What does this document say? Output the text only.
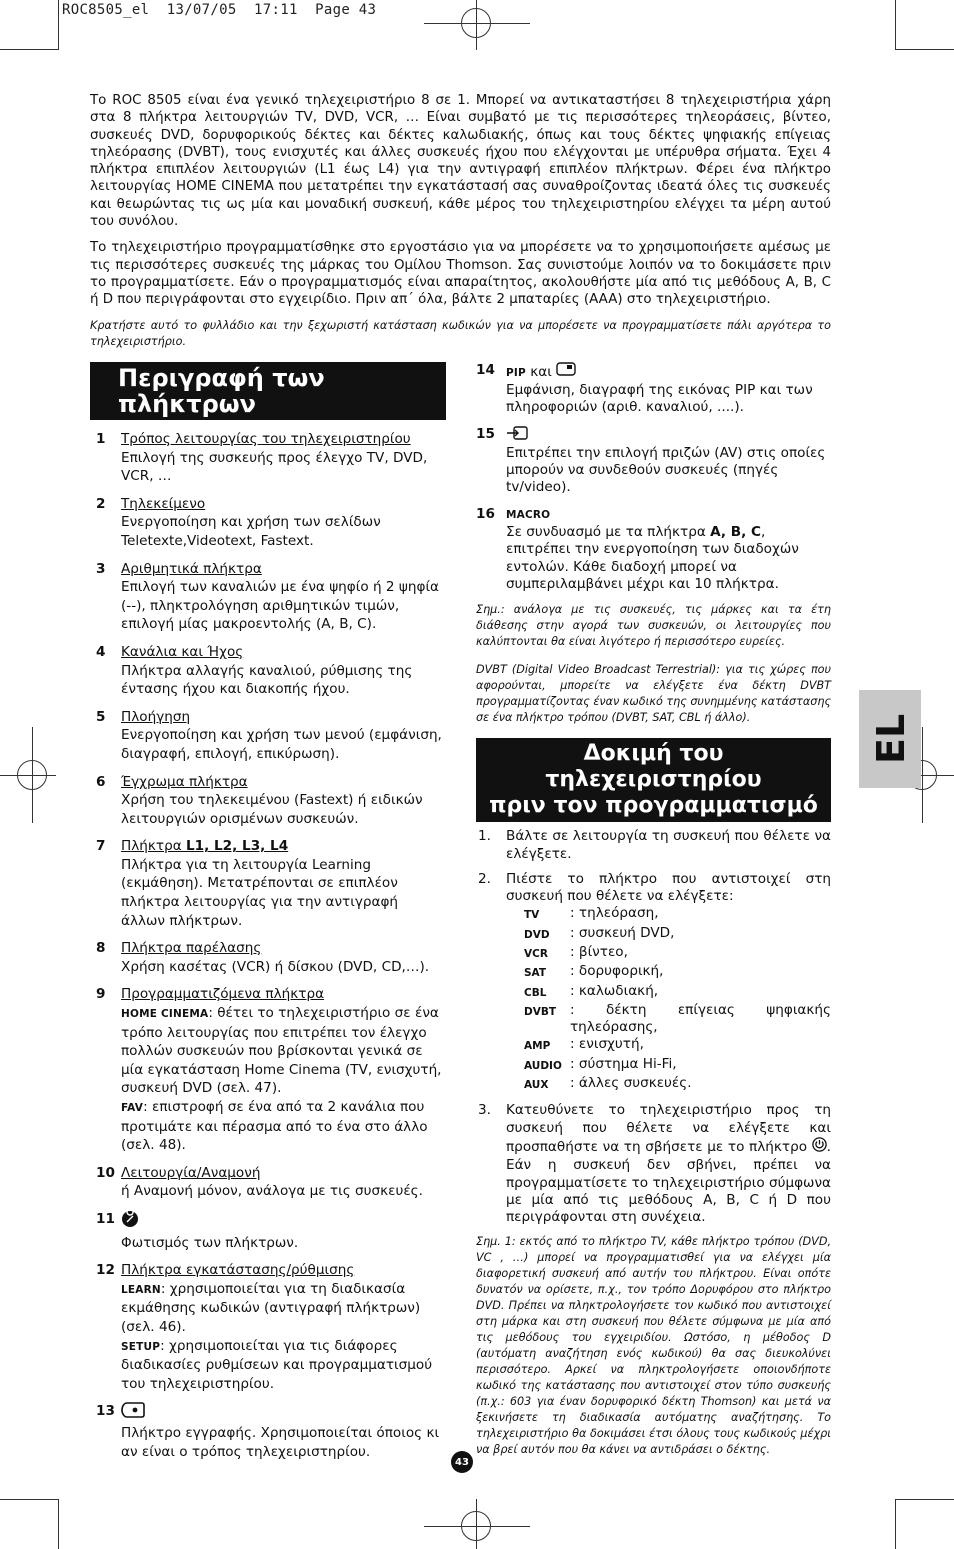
ROC8505_el  13/07/05  17:11  Page 43
EL

Το ROC 8505 είναι ένα γενικό τηλεχειριστήριο 8 σε 1. Μπορεί να αντικαταστήσει 8 τηλεχειριστήρια χάρη στα 8 πλήκτρα λειτουργιών TV, DVD, VCR, … Είναι συμβατό με τις περισσότερες τηλεοράσεις, βίντεο, συσκευές DVD, δορυφορικούς δέκτες και δέκτες καλωδιακής, όπως και τους δέκτες ψηφιακής επίγειας τηλεόρασης (DVBT), τους ενισχυτές και άλλες συσκευές ήχου που ελέγχονται με υπέρυθρα σήματα. Έχει 4 πλήκτρα επιπλέον λειτουργιών (L1 έως L4) για την αντιγραφή επιπλέον πλήκτρων. Φέρει ένα πλήκτρο λειτουργίας HOME CINEMA που μετατρέπει την εγκατάστασή σας συναθροίζοντας ιδεατά όλες τις συσκευές και θεωρώντας τις ως μία και μοναδική συσκευή, κάθε μέρος του τηλεχειριστηρίου ελέγχει τα μέρη αυτού του συνόλου.

Το τηλεχειριστήριο προγραμματίσθηκε στο εργοστάσιο για να μπορέσετε να το χρησιμοποιήσετε αμέσως με τις περισσότερες συσκευές της μάρκας του Ομίλου Thomson. Σας συνιστούμε λοιπόν να το δοκιμάσετε πριν το προγραμματίσετε. Εάν ο προγραμματισμός είναι απαραίτητος, ακολουθήστε μία από τις μεθόδους A, B, C ή D που περιγράφονται στο εγχειρίδιο. Πριν απ΄ όλα, βάλτε 2 μπαταρίες (AAA) στο τηλεχειριστήριο.

Κρατήστε αυτό το φυλλάδιο και την ξεχωριστή κατάσταση κωδικών για να μπορέσετε να προγραμματίσετε πάλι αργότερα το τηλεχειριστήριο.

Περιγραφή των πλήκτρων
1 Τρόπος λειτουργίας του τηλεχειριστηρίου
Επιλογή της συσκευής προς έλεγχο TV, DVD, VCR, …
2 Τηλεκείμενο
Ενεργοποίηση και χρήση των σελίδων Teletexte,Videotext, Fastext.
3 Αριθμητικά πλήκτρα
Επιλογή των καναλιών με ένα ψηφίο ή 2 ψηφία (--), πληκτρολόγηση αριθμητικών τιμών, επιλογή μίας μακροεντολής (A, B, C).
4 Κανάλια και Ήχος
Πλήκτρα αλλαγής καναλιού, ρύθμισης της έντασης ήχου και διακοπής ήχου.
5 Πλοήγηση
Ενεργοποίηση και χρήση των μενού (εμφάνιση, διαγραφή, επιλογή, επικύρωση).
6 Έγχρωμα πλήκτρα
Χρήση του τηλεκειμένου (Fastext) ή ειδικών λειτουργιών ορισμένων συσκευών.
7 Πλήκτρα L1, L2, L3, L4
Πλήκτρα για τη λειτουργία Learning (εκμάθηση). Μετατρέπονται σε επιπλέον πλήκτρα λειτουργίας για την αντιγραφή άλλων πλήκτρων.
8 Πλήκτρα παρέλασης
Χρήση κασέτας (VCR) ή δίσκου (DVD, CD,…).
9 Προγραμματιζόμενα πλήκτρα
HOME CINEMA: θέτει το τηλεχειριστήριο σε ένα τρόπο λειτουργίας που επιτρέπει τον έλεγχο πολλών συσκευών που βρίσκονται γενικά σε μία εγκατάσταση Home Cinema (TV, ενισχυτή, συσκευή DVD (σελ. 47).
FAV: επιστροφή σε ένα από τα 2 κανάλια που προτιμάτε και πέρασμα από το ένα στο άλλο (σελ. 48).
10 Λειτουργία/Αναμονή
ή Αναμονή μόνον, ανάλογα με τις συσκευές.
11
Φωτισμός των πλήκτρων.
12 Πλήκτρα εγκατάστασης/ρύθμισης
LEARN: χρησιμοποιείται για τη διαδικασία εκμάθησης κωδικών (αντιγραφή πλήκτρων) (σελ. 46).
SETUP: χρησιμοποιείται για τις διάφορες διαδικασίες ρυθμίσεων και προγραμματισμού του τηλεχειριστηρίου.
13
Πλήκτρο εγγραφής. Χρησιμοποιείται όποιος κι αν είναι ο τρόπος τηλεχειριστηρίου.
14 PIP και
Εμφάνιση, διαγραφή της εικόνας PIP και των πληροφοριών (αριθ. καναλιού, ....).
15
Επιτρέπει την επιλογή πριζών (AV) στις οποίες μπορούν να συνδεθούν συσκευές (πηγές tv/video).
16 MACRO
Σε συνδυασμό με τα πλήκτρα A, B, C, επιτρέπει την ενεργοποίηση των διαδοχών εντολών. Κάθε διαδοχή μπορεί να συμπεριλαμβάνει μέχρι και 10 πλήκτρα.

Σημ.: ανάλογα με τις συσκευές, τις μάρκες και τα έτη διάθεσης στην αγορά των συσκευών, οι λειτουργίες που καλύπτονται θα είναι λιγότερο ή περισσότερο ευρείες.

DVBT (Digital Video Broadcast Terrestrial): για τις χώρες που αφορούνται, μπορείτε να ελέγξετε ένα δέκτη DVBT προγραμματίζοντας έναν κωδικό της συνημμένης κατάστασης σε ένα πλήκτρο τρόπου (DVBT, SAT, CBL ή άλλο).

Δοκιμή του τηλεχειριστηρίου
πριν τον προγραμματισμό
1. Βάλτε σε λειτουργία τη συσκευή που θέλετε να ελέγξετε.
2. Πιέστε το πλήκτρο που αντιστοιχεί στη συσκευή που θέλετε να ελέγξετε:
TV	: τηλεόραση,
DVD	: συσκευή DVD,
VCR	: βίντεο,
SAT	: δορυφορική,
CBL	: καλωδιακή,
DVBT	: δέκτη επίγειας ψηφιακής τηλεόρασης,
AMP	: ενισχυτή,
AUDIO : σύστημα Hi-Fi,
AUX	: άλλες συσκευές.
3. Κατευθύνετε το τηλεχειριστήριο προς τη συσκευή που θέλετε να ελέγξετε και προσπαθήστε να τη σβήσετε με το πλήκτρο . Εάν η συσκευή δεν σβήνει, πρέπει να προγραμματίσετε το τηλεχειριστήριο σύμφωνα με μία από τις μεθόδους A, B, C ή D που περιγράφονται στη συνέχεια.

Σημ. 1: εκτός από το πλήκτρο TV, κάθε πλήκτρο τρόπου (DVD, VC , …) μπορεί να προγραμματισθεί για να ελέγχει μία διαφορετική συσκευή από αυτήν του πλήκτρου. Είναι οπότε δυνατόν να ορίσετε, π.χ., τον τρόπο Δορυφόρου στο πλήκτρο DVD. Πρέπει να πληκτρολογήσετε τον κωδικό που αντιστοιχεί στη μάρκα και στη συσκευή που θέλετε σύμφωνα με μία από τις μεθόδους του εγχειριδίου. Ωστόσο, η μέθοδος D (αυτόματη αναζήτηση ενός κωδικού) θα σας διευκολύνει περισσότερο. Αρκεί να πληκτρολογήσετε οποιονδήποτε κωδικό της κατάστασης που αντιστοιχεί στον τύπο συσκευής (π.χ.: 603 για έναν δορυφορικό δέκτη Thomson) και μετά να ξεκινήσετε τη διαδικασία αυτόματης αναζήτησης. Το τηλεχειριστήριο θα δοκιμάσει έτσι όλους τους κωδικούς μέχρι να βρεί αυτόν που θα κάνει να αντιδράσει ο δέκτης.

43
